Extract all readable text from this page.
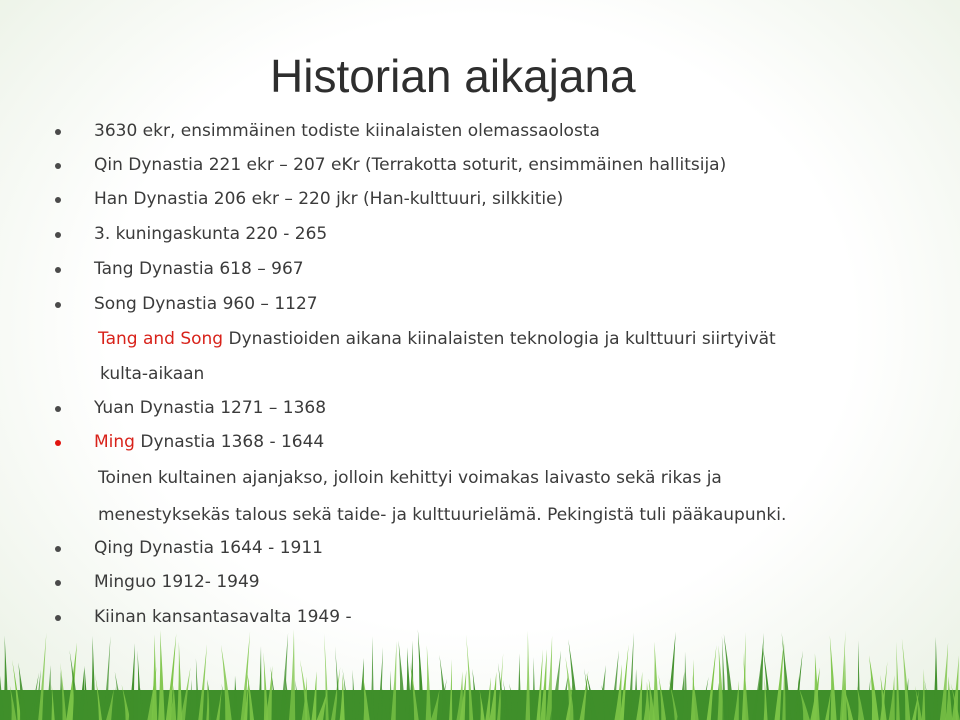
Historian aikajana

3630 ekr, ensimmäinen todiste kiinalaisten olemassaolosta

Qin Dynastia 221 ekr – 207 eKr (Terrakotta soturit, ensimmäinen hallitsija)

Han Dynastia 206 ekr – 220 jkr (Han-kulttuuri, silkkitie)

3. kuningaskunta 220 - 265

Tang Dynastia 618 – 967

Song Dynastia 960 – 1127

Tang and Song Dynastioiden aikana kiinalaisten teknologia ja kulttuuri siirtyivät

kulta-aikaan

Yuan Dynastia 1271 – 1368

Ming Dynastia 1368 - 1644

Toinen kultainen ajanjakso, jolloin kehittyi voimakas laivasto sekä rikas ja

menestyksekäs talous sekä taide- ja kulttuurielämä. Pekingistä tuli pääkaupunki.

Qing Dynastia 1644 - 1911

Minguo 1912- 1949

Kiinan kansantasavalta 1949 -
